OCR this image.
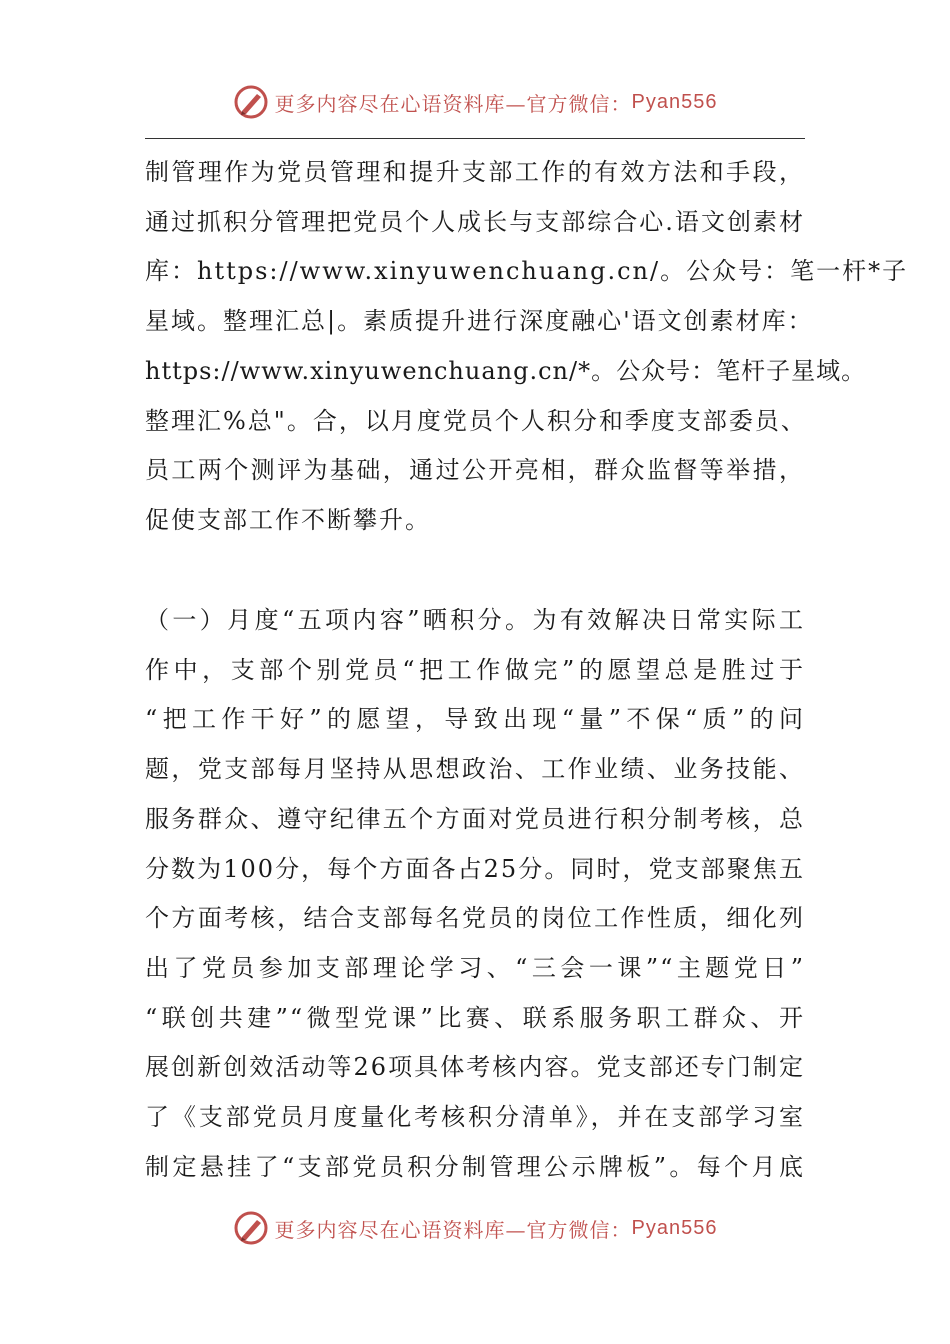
更多内容尽在心语资料库—官方微信： Pyan556
制管理作为党员管理和提升支部工作的有效方法和手段，
通过抓积分管理把党员个人成长与支部综合心.语文创素材
库：https://www.xinyuwenchuang.cn/。公众号：笔一杆*子
星域。整理汇总|。素质提升进行深度融心'语文创素材库：
https://www.xinyuwenchuang.cn/*。公众号：笔杆子星域。
整理汇%总"。合，以月度党员个人积分和季度支部委员、
员工两个测评为基础，通过公开亮相，群众监督等举措，
促使支部工作不断攀升。
（一）月度“五项内容”晒积分。为有效解决日常实际工
作中，支部个别党员“把工作做完”的愿望总是胜过于
“把工作干好”的愿望，导致出现“量”不保“质”的问
题，党支部每月坚持从思想政治、工作业绩、业务技能、
服务群众、遵守纪律五个方面对党员进行积分制考核，总
分数为100分，每个方面各占25分。同时，党支部聚焦五
个方面考核，结合支部每名党员的岗位工作性质，细化列
出了党员参加支部理论学习、“三会一课”“主题党日”
“联创共建”“微型党课”比赛、联系服务职工群众、开
展创新创效活动等26项具体考核内容。党支部还专门制定
了《支部党员月度量化考核积分清单》，并在支部学习室
制定悬挂了“支部党员积分制管理公示牌板”。每个月底
更多内容尽在心语资料库—官方微信： Pyan556
